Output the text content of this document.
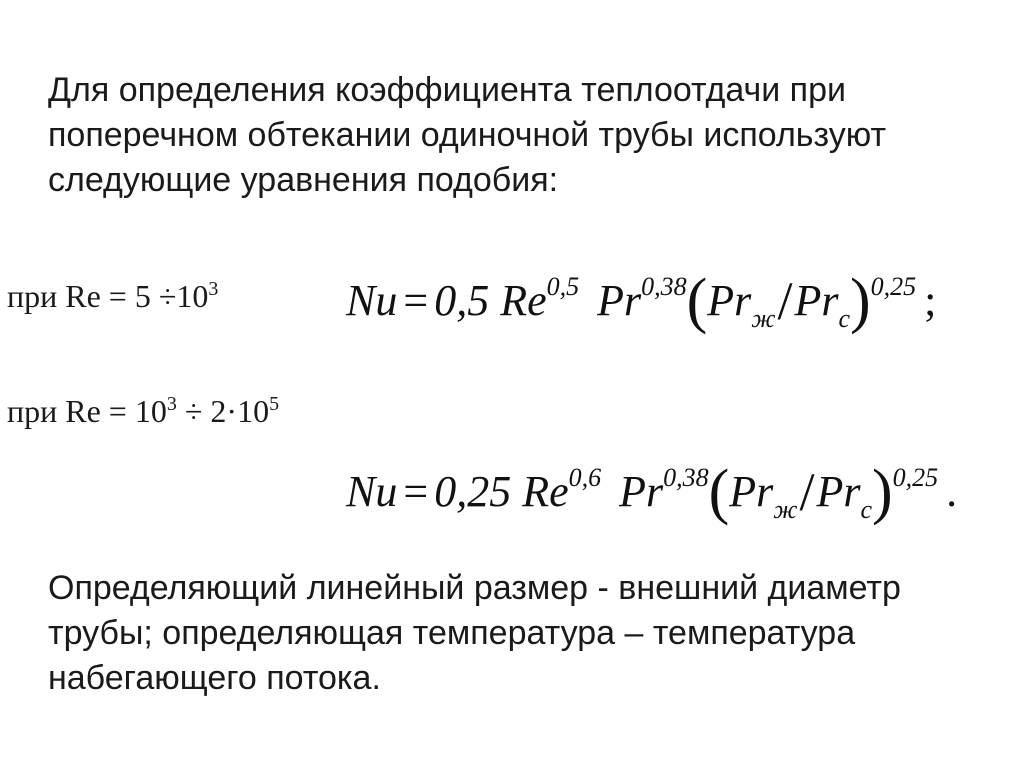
Для определения коэффициента теплоотдачи при
поперечном обтекании одиночной трубы используют
следующие уравнения подобия:

при $Re = 5 \div 10^3$	Nu = 0,5 Re$^{0,5}$ $Pr^{0,38}(Pr_ж/Pr_с)^{0,25}$ ;
при $Re = 10^3 \div 2\cdot 10^5$
Nu = 0,25 Re$^{0,6}$ $Pr^{0,38}(Pr_ж/Pr_с)^{0,25}$ .

Определяющий линейный размер - внешний диаметр
трубы; определяющая температура – температура
набегающего потока.
